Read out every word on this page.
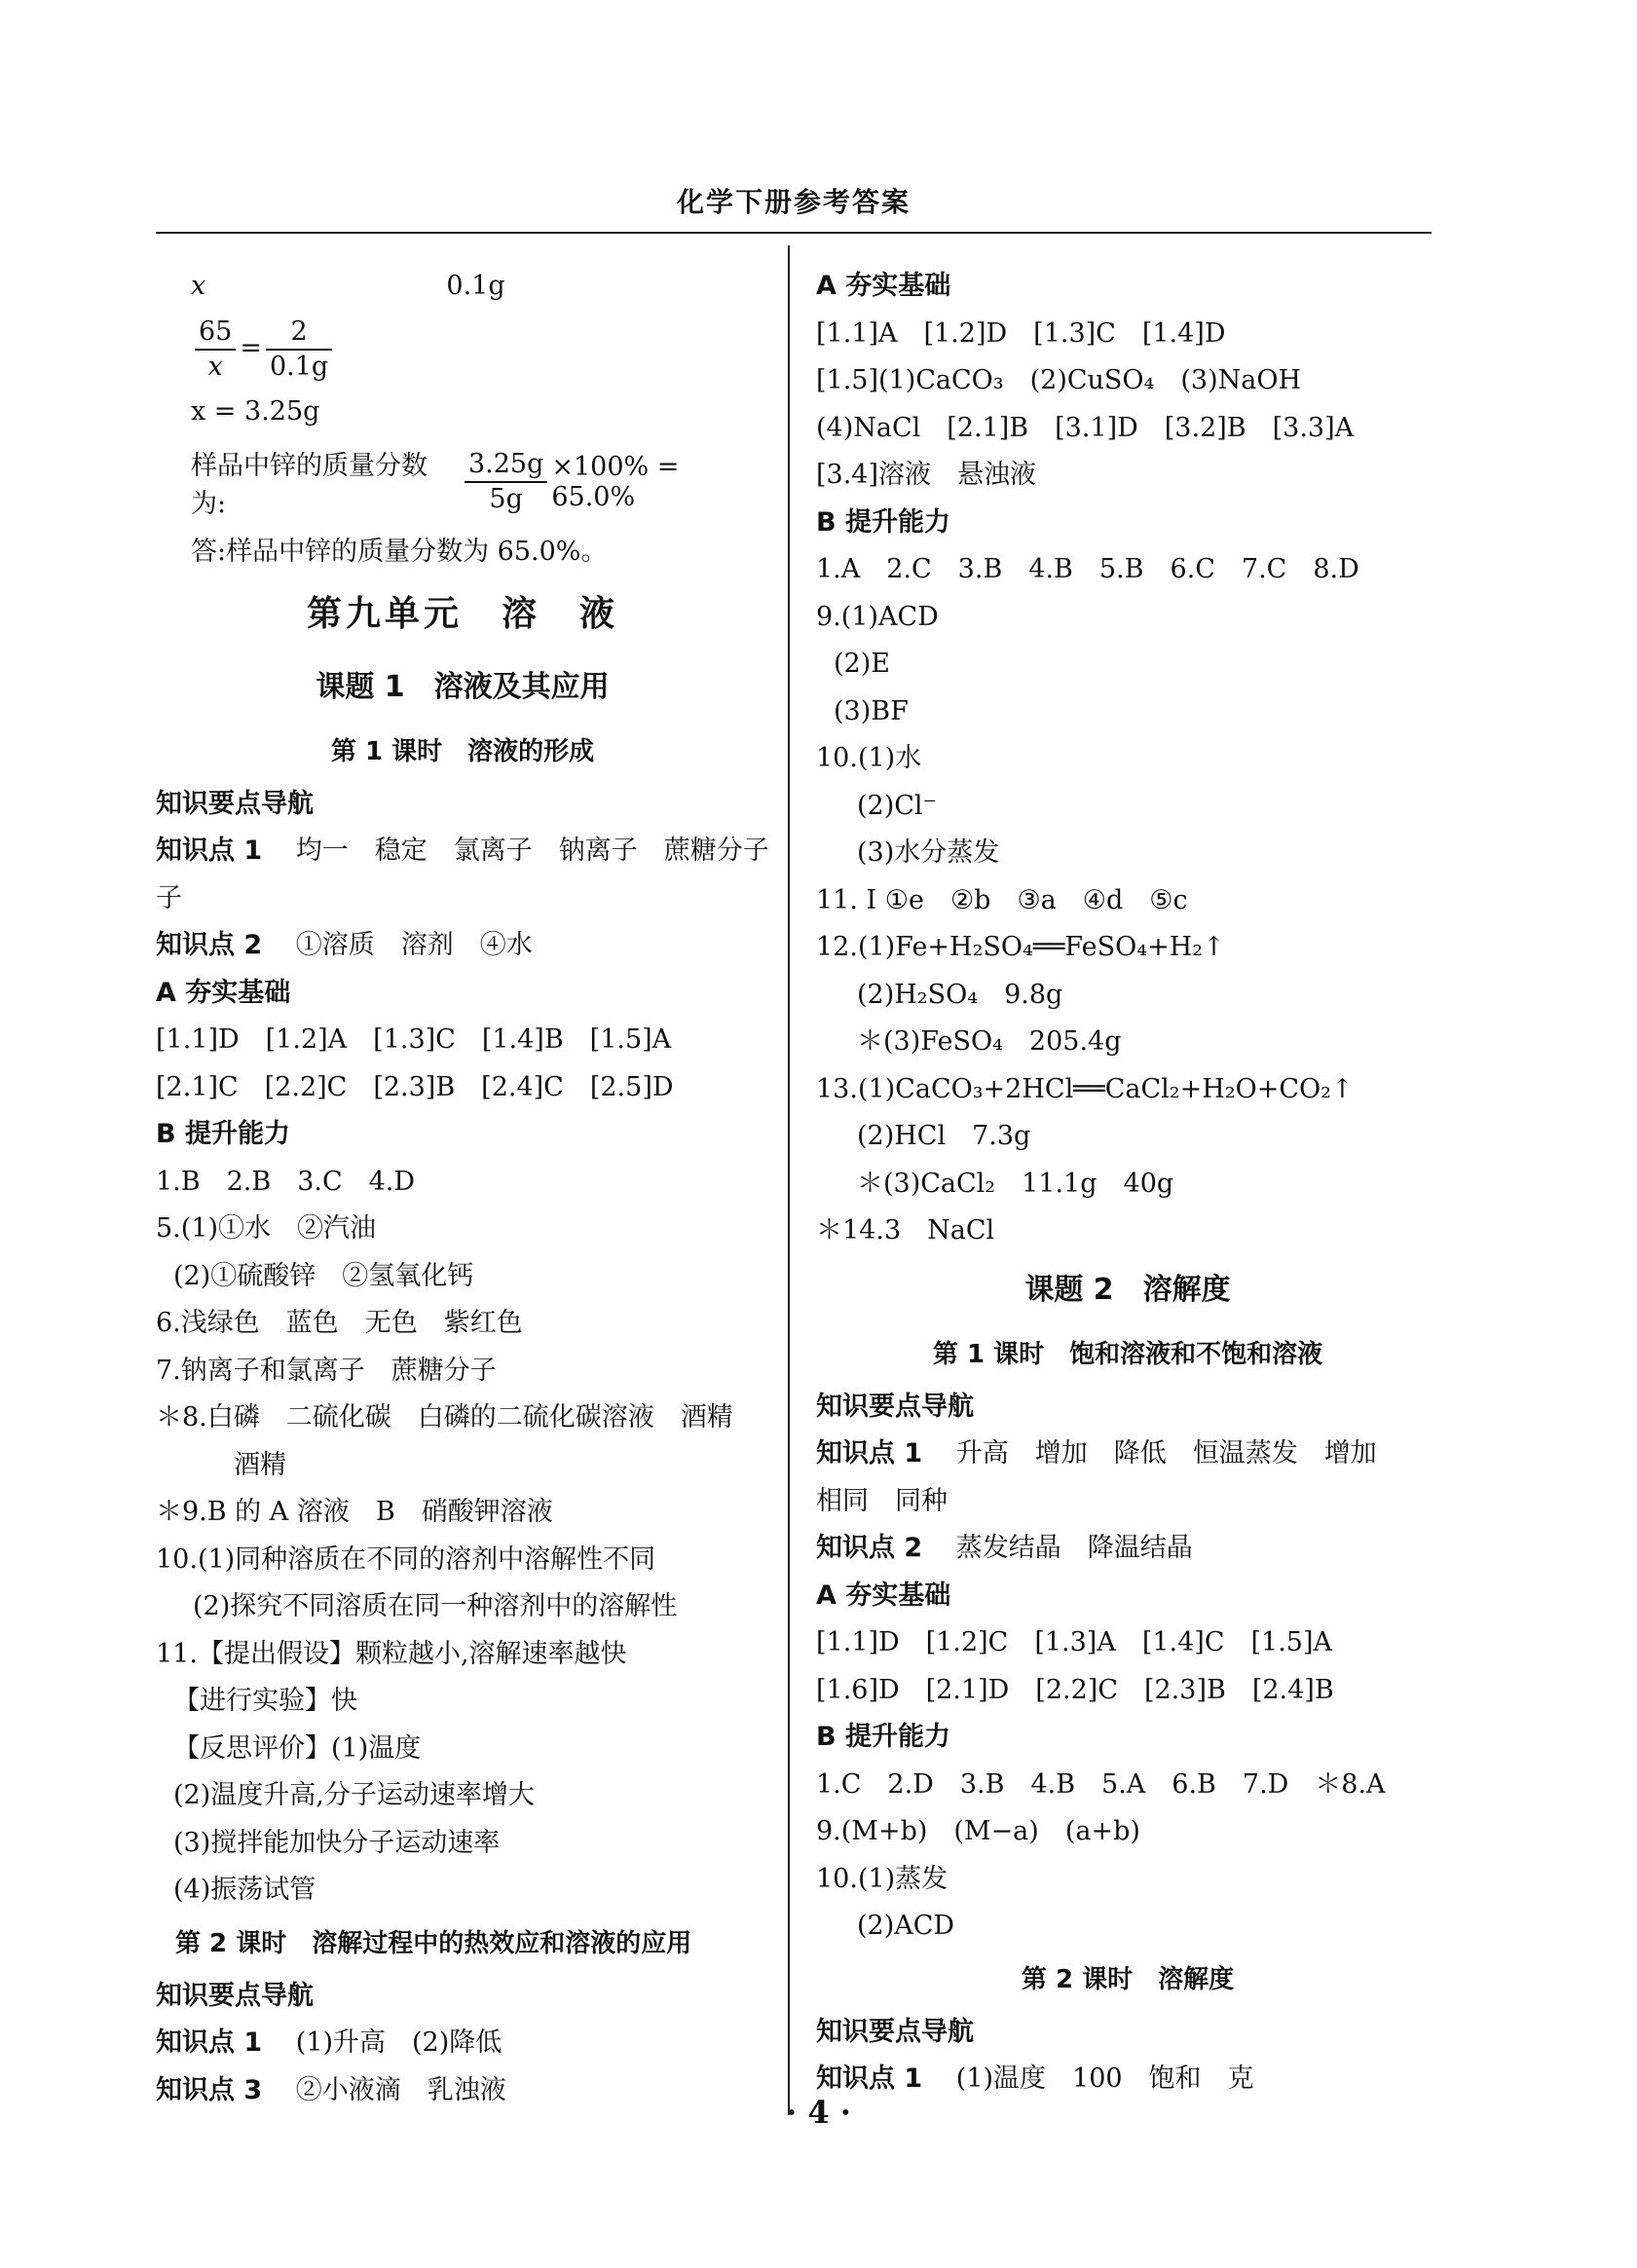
化学下册参考答案
x	0.1g
$\frac{65}{x} = \frac{2}{0.1g}$
x = 3.25g
样品中锌的质量分数为:	$\frac{3.25g}{5g} \times 100\% = 65.0\%$
答:样品中锌的质量分数为 65.0%。
第九单元　溶　液
课题 1　溶液及其应用
第 1 课时　溶液的形成
知识要点导航
知识点 1 均一　稳定　氯离子　钠离子　蔗糖分子
子
知识点 2 ①溶质　溶剂　④水
A 夯实基础
[1.1]D　[1.2]A　[1.3]C　[1.4]B　[1.5]A
[2.1]C　[2.2]C　[2.3]B　[2.4]C　[2.5]D
B 提升能力
1.B　2.B　3.C　4.D
5.(1)①水　②汽油
(2)①硫酸锌　②氢氧化钙
6.浅绿色　蓝色　无色　紫红色
7.钠离子和氯离子　蔗糖分子
＊8.白磷　二硫化碳　白磷的二硫化碳溶液　酒精
酒精
＊9.B 的 A 溶液　B　硝酸钾溶液
10.(1)同种溶质在不同的溶剂中溶解性不同
(2)探究不同溶质在同一种溶剂中的溶解性
11.【提出假设】颗粒越小,溶解速率越快
【进行实验】快
【反思评价】(1)温度
(2)温度升高,分子运动速率增大
(3)搅拌能加快分子运动速率
(4)振荡试管
第 2 课时　溶解过程中的热效应和溶液的应用
知识要点导航
知识点 1 (1)升高　(2)降低
知识点 3 ②小液滴　乳浊液
A 夯实基础
[1.1]A　[1.2]D　[1.3]C　[1.4]D
[1.5](1)CaCO₃　(2)CuSO₄　(3)NaOH
(4)NaCl　[2.1]B　[3.1]D　[3.2]B　[3.3]A
[3.4]溶液　悬浊液
B 提升能力
1.A　2.C　3.B　4.B　5.B　6.C　7.C　8.D
9.(1)ACD
(2)E
(3)BF
10.(1)水
(2)Cl⁻
(3)水分蒸发
11. Ⅰ ①e　②b　③a　④d　⑤c
12.(1)Fe+H₂SO₄══FeSO₄+H₂↑
(2)H₂SO₄　9.8g
＊(3)FeSO₄　205.4g
13.(1)CaCO₃+2HCl══CaCl₂+H₂O+CO₂↑
(2)HCl　7.3g
＊(3)CaCl₂　11.1g　40g
＊14.3　NaCl
课题 2　溶解度
第 1 课时　饱和溶液和不饱和溶液
知识要点导航
知识点 1 升高　增加　降低　恒温蒸发　增加
相同　同种
知识点 2 蒸发结晶　降温结晶
A 夯实基础
[1.1]D　[1.2]C　[1.3]A　[1.4]C　[1.5]A
[1.6]D　[2.1]D　[2.2]C　[2.3]B　[2.4]B
B 提升能力
1.C　2.D　3.B　4.B　5.A　6.B　7.D　＊8.A
9.(M+b)　(M−a)　(a+b)
10.(1)蒸发
(2)ACD
第 2 课时　溶解度
知识要点导航
知识点 1 (1)温度　100　饱和　克
· 4 ·
